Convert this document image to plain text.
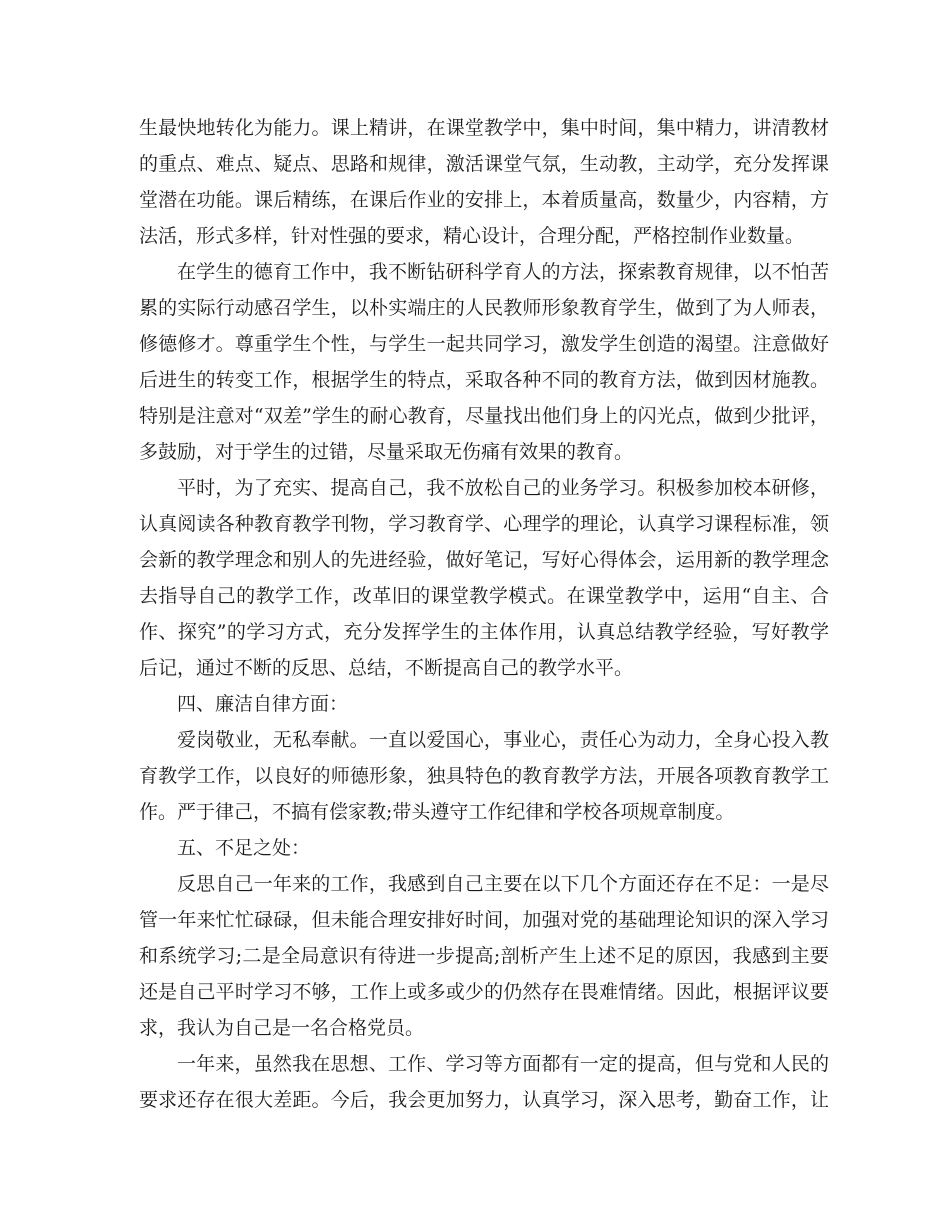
生最快地转化为能力。课上精讲，在课堂教学中，集中时间，集中精力，讲清教材
的重点、难点、疑点、思路和规律，激活课堂气氛，生动教，主动学，充分发挥课
堂潜在功能。课后精练，在课后作业的安排上，本着质量高，数量少，内容精，方
法活，形式多样，针对性强的要求，精心设计，合理分配，严格控制作业数量。
在学生的德育工作中，我不断钻研科学育人的方法，探索教育规律，以不怕苦
累的实际行动感召学生，以朴实端庄的人民教师形象教育学生，做到了为人师表，
修德修才。尊重学生个性，与学生一起共同学习，激发学生创造的渴望。注意做好
后进生的转变工作，根据学生的特点，采取各种不同的教育方法，做到因材施教。
特别是注意对“双差”学生的耐心教育，尽量找出他们身上的闪光点，做到少批评，
多鼓励，对于学生的过错，尽量采取无伤痛有效果的教育。
平时，为了充实、提高自己，我不放松自己的业务学习。积极参加校本研修，
认真阅读各种教育教学刊物，学习教育学、心理学的理论，认真学习课程标准，领
会新的教学理念和别人的先进经验，做好笔记，写好心得体会，运用新的教学理念
去指导自己的教学工作，改革旧的课堂教学模式。在课堂教学中，运用“自主、合
作、探究”的学习方式，充分发挥学生的主体作用，认真总结教学经验，写好教学
后记，通过不断的反思、总结，不断提高自己的教学水平。
四、廉洁自律方面：
爱岗敬业，无私奉献。一直以爱国心，事业心，责任心为动力，全身心投入教
育教学工作，以良好的师德形象，独具特色的教育教学方法，开展各项教育教学工
作。严于律己，不搞有偿家教;带头遵守工作纪律和学校各项规章制度。
五、不足之处：
反思自己一年来的工作，我感到自己主要在以下几个方面还存在不足：一是尽
管一年来忙忙碌碌，但未能合理安排好时间，加强对党的基础理论知识的深入学习
和系统学习;二是全局意识有待进一步提高;剖析产生上述不足的原因，我感到主要
还是自己平时学习不够，工作上或多或少的仍然存在畏难情绪。因此，根据评议要
求，我认为自己是一名合格党员。
一年来，虽然我在思想、工作、学习等方面都有一定的提高，但与党和人民的
要求还存在很大差距。今后，我会更加努力，认真学习，深入思考，勤奋工作，让
